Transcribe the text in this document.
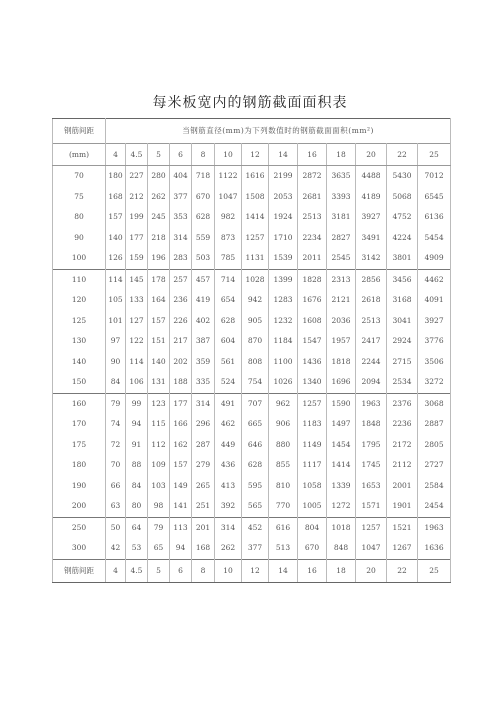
每米板宽内的钢筋截面面积表
钢筋间距	当钢筋直径(mm)为下列数值时的钢筋截面面积(mm²)												
(mm)	4	4.5	5	6	8	10	12	14	16	18	20	22	25
70	180	227	280	404	718	1122	1616	2199	2872	3635	4488	5430	7012
75	168	212	262	377	670	1047	1508	2053	2681	3393	4189	5068	6545
80	157	199	245	353	628	982	1414	1924	2513	3181	3927	4752	6136
90	140	177	218	314	559	873	1257	1710	2234	2827	3491	4224	5454
100	126	159	196	283	503	785	1131	1539	2011	2545	3142	3801	4909
110	114	145	178	257	457	714	1028	1399	1828	2313	2856	3456	4462
120	105	133	164	236	419	654	942	1283	1676	2121	2618	3168	4091
125	101	127	157	226	402	628	905	1232	1608	2036	2513	3041	3927
130	97	122	151	217	387	604	870	1184	1547	1957	2417	2924	3776
140	90	114	140	202	359	561	808	1100	1436	1818	2244	2715	3506
150	84	106	131	188	335	524	754	1026	1340	1696	2094	2534	3272
160	79	99	123	177	314	491	707	962	1257	1590	1963	2376	3068
170	74	94	115	166	296	462	665	906	1183	1497	1848	2236	2887
175	72	91	112	162	287	449	646	880	1149	1454	1795	2172	2805
180	70	88	109	157	279	436	628	855	1117	1414	1745	2112	2727
190	66	84	103	149	265	413	595	810	1058	1339	1653	2001	2584
200	63	80	98	141	251	392	565	770	1005	1272	1571	1901	2454
250	50	64	79	113	201	314	452	616	804	1018	1257	1521	1963
300	42	53	65	94	168	262	377	513	670	848	1047	1267	1636
钢筋间距	4	4.5	5	6	8	10	12	14	16	18	20	22	25
